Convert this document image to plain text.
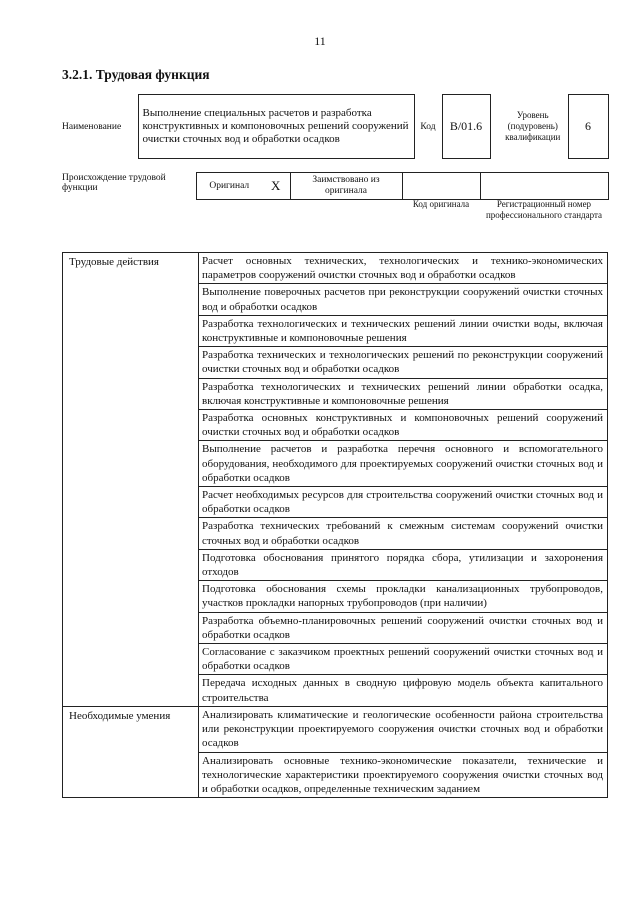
11
3.2.1. Трудовая функция
Наименование	Выполнение специальных расчетов и разработка конструктивных и компоновочных решений сооружений очистки сточных вод и обработки осадков	Код	B/01.6		Уровень (подуровень) квалификации	6
Происхождение трудовой функции	Оригинал	X	Заимствовано из оригинала		
Код оригинала	Регистрационный номер профессионального стандарта
Трудовые действия	Расчет основных технических, технологических и технико-экономических параметров сооружений очистки сточных вод и обработки осадков
	Выполнение поверочных расчетов при реконструкции сооружений очистки сточных вод и обработки осадков
	Разработка технологических и технических решений линии очистки воды, включая конструктивные и компоновочные решения
	Разработка технических и технологических решений по реконструкции сооружений очистки сточных вод и обработки осадков
	Разработка технологических и технических решений линии обработки осадка, включая конструктивные и компоновочные решения
	Разработка основных конструктивных и компоновочных решений сооружений очистки сточных вод и обработки осадков
	Выполнение расчетов и разработка перечня основного и вспомогательного оборудования, необходимого для проектируемых сооружений очистки сточных вод и обработки осадков
	Расчет необходимых ресурсов для строительства сооружений очистки сточных вод и обработки осадков
	Разработка технических требований к смежным системам сооружений очистки сточных вод и обработки осадков
	Подготовка обоснования принятого порядка сбора, утилизации и захоронения отходов
	Подготовка обоснования схемы прокладки канализационных трубопроводов, участков прокладки напорных трубопроводов (при наличии)
	Разработка объемно-планировочных решений сооружений очистки сточных вод и обработки осадков
	Согласование с заказчиком проектных решений сооружений очистки сточных вод и обработки осадков
	Передача исходных данных в сводную цифровую модель объекта капитального строительства
Необходимые умения	Анализировать климатические и геологические особенности района строительства или реконструкции проектируемого сооружения очистки сточных вод и обработки осадков
	Анализировать основные технико-экономические показатели, технические и технологические характеристики проектируемого сооружения очистки сточных вод и обработки осадков, определенные техническим заданием
